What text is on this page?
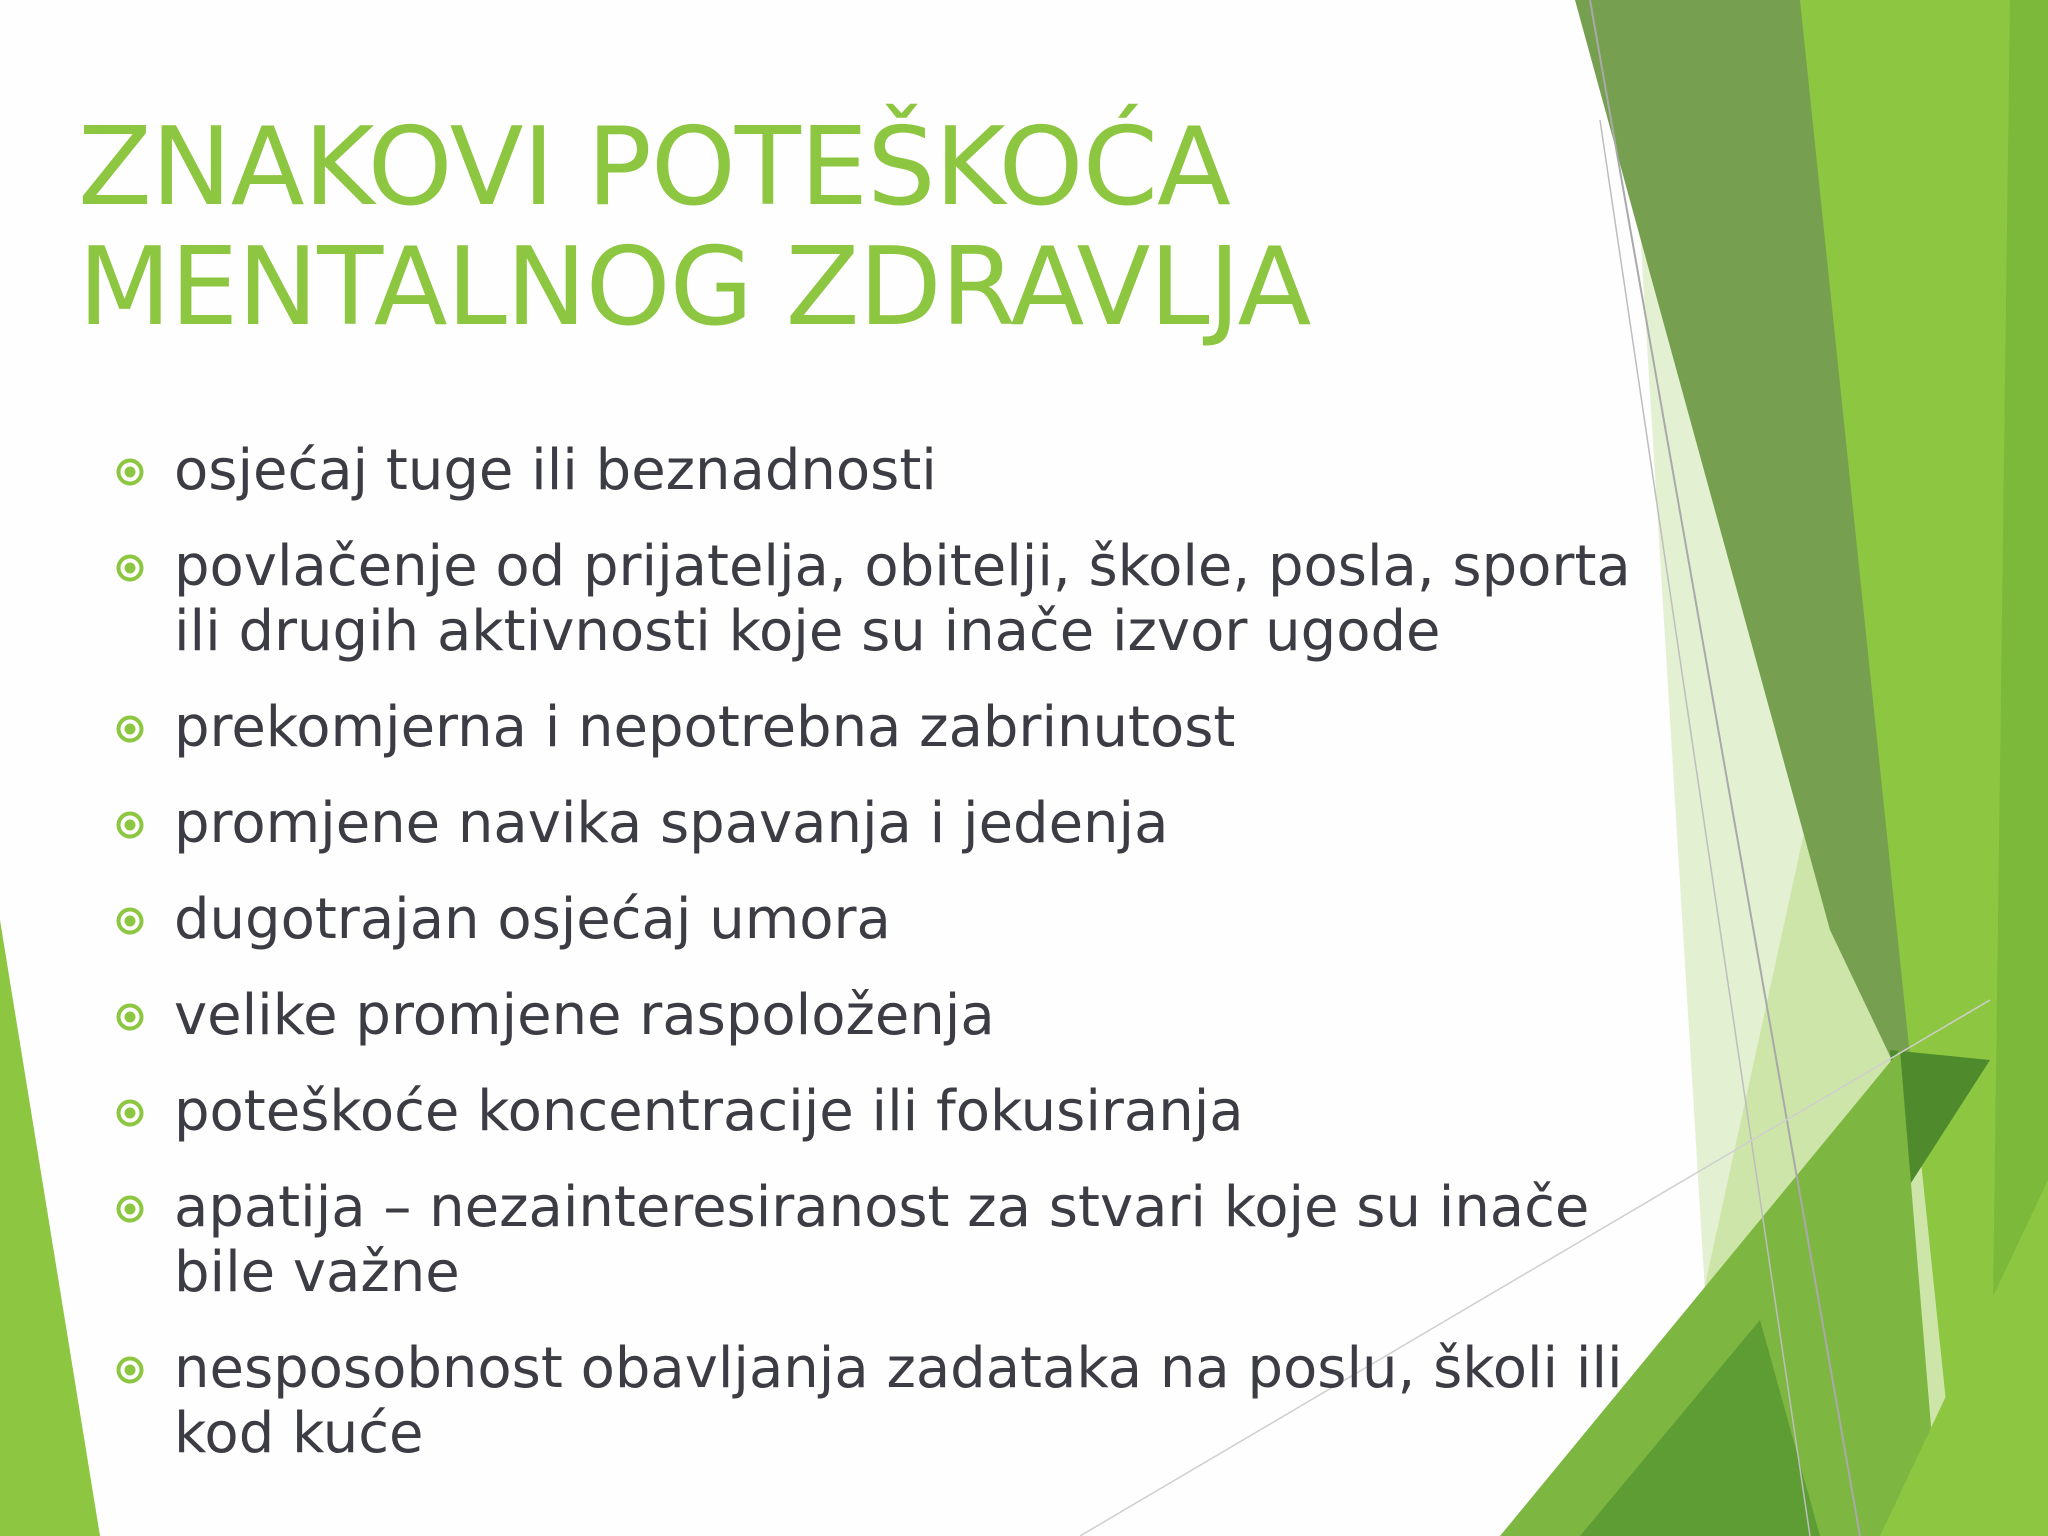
ZNAKOVI POTEŠKOĆA MENTALNOG ZDRAVLJA
osjećaj tuge ili beznadnosti
povlačenje od prijatelja, obitelji, škole, posla, sporta ili drugih aktivnosti koje su inače izvor ugode
prekomjerna i nepotrebna zabrinutost
promjene navika spavanja i jedenja
dugotrajan osjećaj umora
velike promjene raspoloženja
poteškoće koncentracije ili fokusiranja
apatija – nezainteresiranost za stvari koje su inače bile važne
nesposobnost obavljanja zadataka na poslu, školi ili kod kuće
